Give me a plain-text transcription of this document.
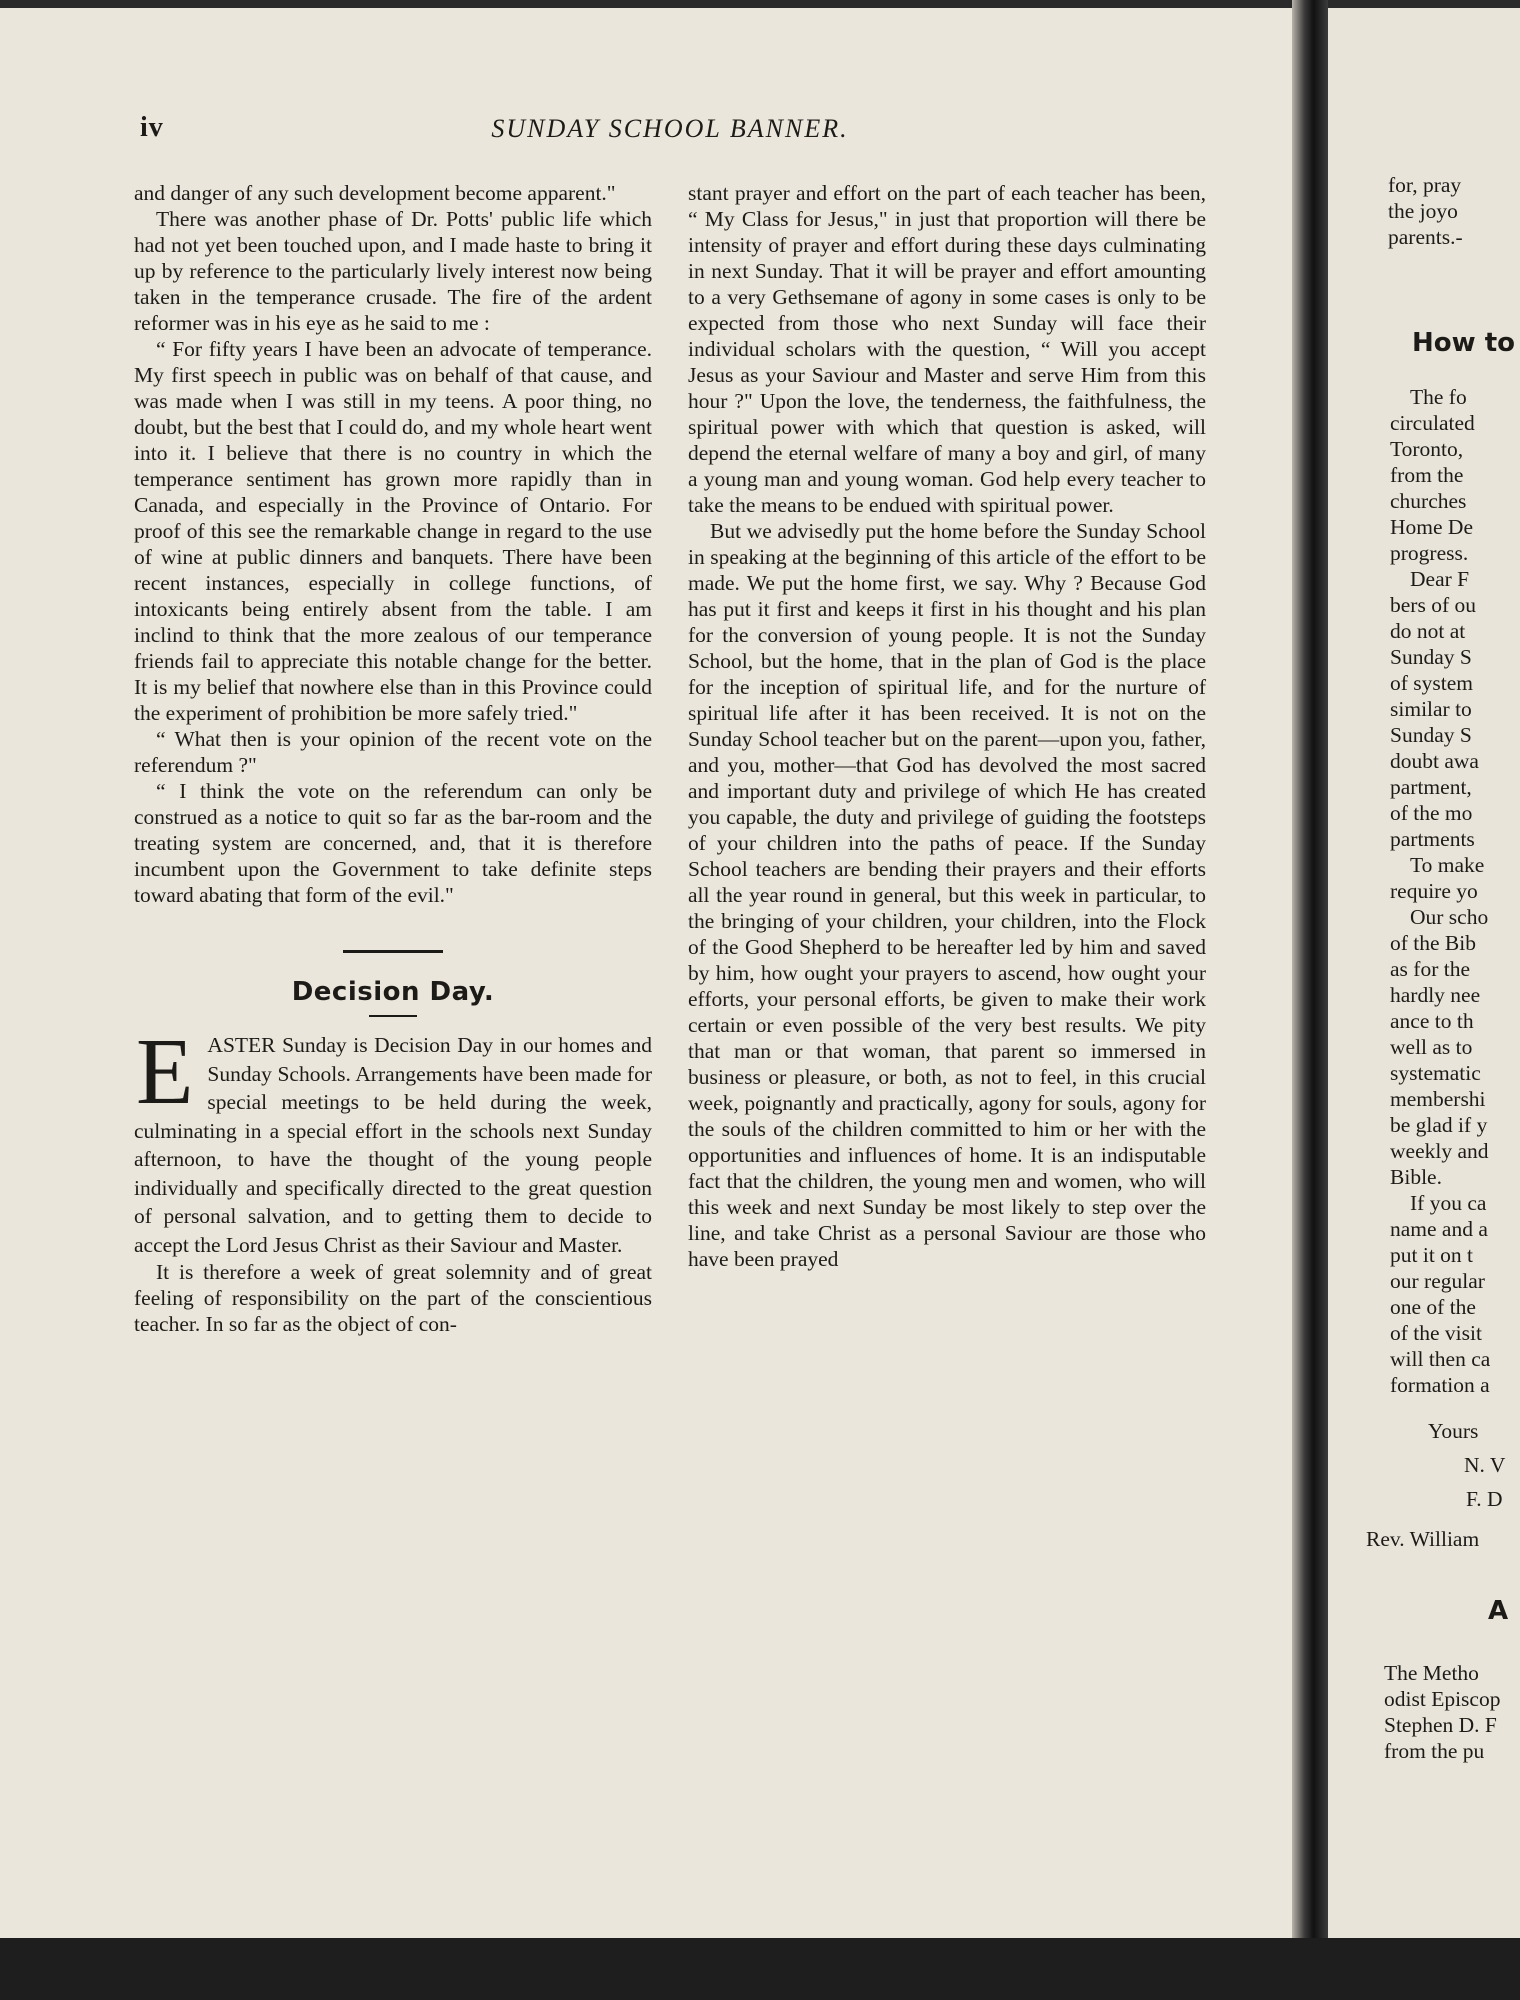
iv	SUNDAY SCHOOL BANNER.

and danger of any such development become apparent."

There was another phase of Dr. Potts' public life which had not yet been touched upon, and I made haste to bring it up by reference to the particularly lively interest now being taken in the temperance crusade. The fire of the ardent reformer was in his eye as he said to me :

“ For fifty years I have been an advocate of temperance. My first speech in public was on behalf of that cause, and was made when I was still in my teens. A poor thing, no doubt, but the best that I could do, and my whole heart went into it. I believe that there is no country in which the temperance sentiment has grown more rapidly than in Canada, and especially in the Province of Ontario. For proof of this see the remarkable change in regard to the use of wine at public dinners and banquets. There have been recent instances, especially in college functions, of intoxicants being entirely absent from the table. I am inclind to think that the more zealous of our temperance friends fail to appreciate this notable change for the better. It is my belief that nowhere else than in this Province could the experiment of prohibition be more safely tried."

“ What then is your opinion of the recent vote on the referendum ?"

“ I think the vote on the referendum can only be construed as a notice to quit so far as the bar-room and the treating system are concerned, and, that it is therefore incumbent upon the Government to take definite steps toward abating that form of the evil."

Decision Day.

EASTER Sunday is Decision Day in our homes and Sunday Schools. Arrangements have been made for special meetings to be held during the week, culminating in a special effort in the schools next Sunday afternoon, to have the thought of the young people individually and specifically directed to the great question of personal salvation, and to getting them to decide to accept the Lord Jesus Christ as their Saviour and Master.

It is therefore a week of great solemnity and of great feeling of responsibility on the part of the conscientious teacher. In so far as the object of con-

stant prayer and effort on the part of each teacher has been, “ My Class for Jesus," in just that proportion will there be intensity of prayer and effort during these days culminating in next Sunday. That it will be prayer and effort amounting to a very Gethsemane of agony in some cases is only to be expected from those who next Sunday will face their individual scholars with the question, “ Will you accept Jesus as your Saviour and Master and serve Him from this hour ?" Upon the love, the tenderness, the faithfulness, the spiritual power with which that question is asked, will depend the eternal welfare of many a boy and girl, of many a young man and young woman. God help every teacher to take the means to be endued with spiritual power.

But we advisedly put the home before the Sunday School in speaking at the beginning of this article of the effort to be made. We put the home first, we say. Why ? Because God has put it first and keeps it first in his thought and his plan for the conversion of young people. It is not the Sunday School, but the home, that in the plan of God is the place for the inception of spiritual life, and for the nurture of spiritual life after it has been received. It is not on the Sunday School teacher but on the parent—upon you, father, and you, mother—that God has devolved the most sacred and important duty and privilege of which He has created you capable, the duty and privilege of guiding the footsteps of your children into the paths of peace. If the Sunday School teachers are bending their prayers and their efforts all the year round in general, but this week in particular, to the bringing of your children, your children, into the Flock of the Good Shepherd to be hereafter led by him and saved by him, how ought your prayers to ascend, how ought your efforts, your personal efforts, be given to make their work certain or even possible of the very best results. We pity that man or that woman, that parent so immersed in business or pleasure, or both, as not to feel, in this crucial week, poignantly and practically, agony for souls, agony for the souls of the children committed to him or her with the opportunities and influences of home. It is an indisputable fact that the children, the young men and women, who will this week and next Sunday be most likely to step over the line, and take Christ as a personal Saviour are those who have been prayed

for, pray
the joyo
parents.-
How to
The fo
circulated
Toronto,
from the
churches
Home De
progress.
Dear F
bers of ou
do not at
Sunday S
of system
similar to
Sunday S
doubt awa
partment,
of the mo
partments
To make
require yo
Our scho
of the Bib
as for the
hardly nee
ance to th
well as to
systematic
membershi
be glad if y
weekly and
Bible.
If you ca
name and a
put it on t
our regular
one of the
of the visit
will then ca
formation a
Yours
N. V
F. D
Rev. William
A
The Metho
odist Episcop
Stephen D. F
from the pu
